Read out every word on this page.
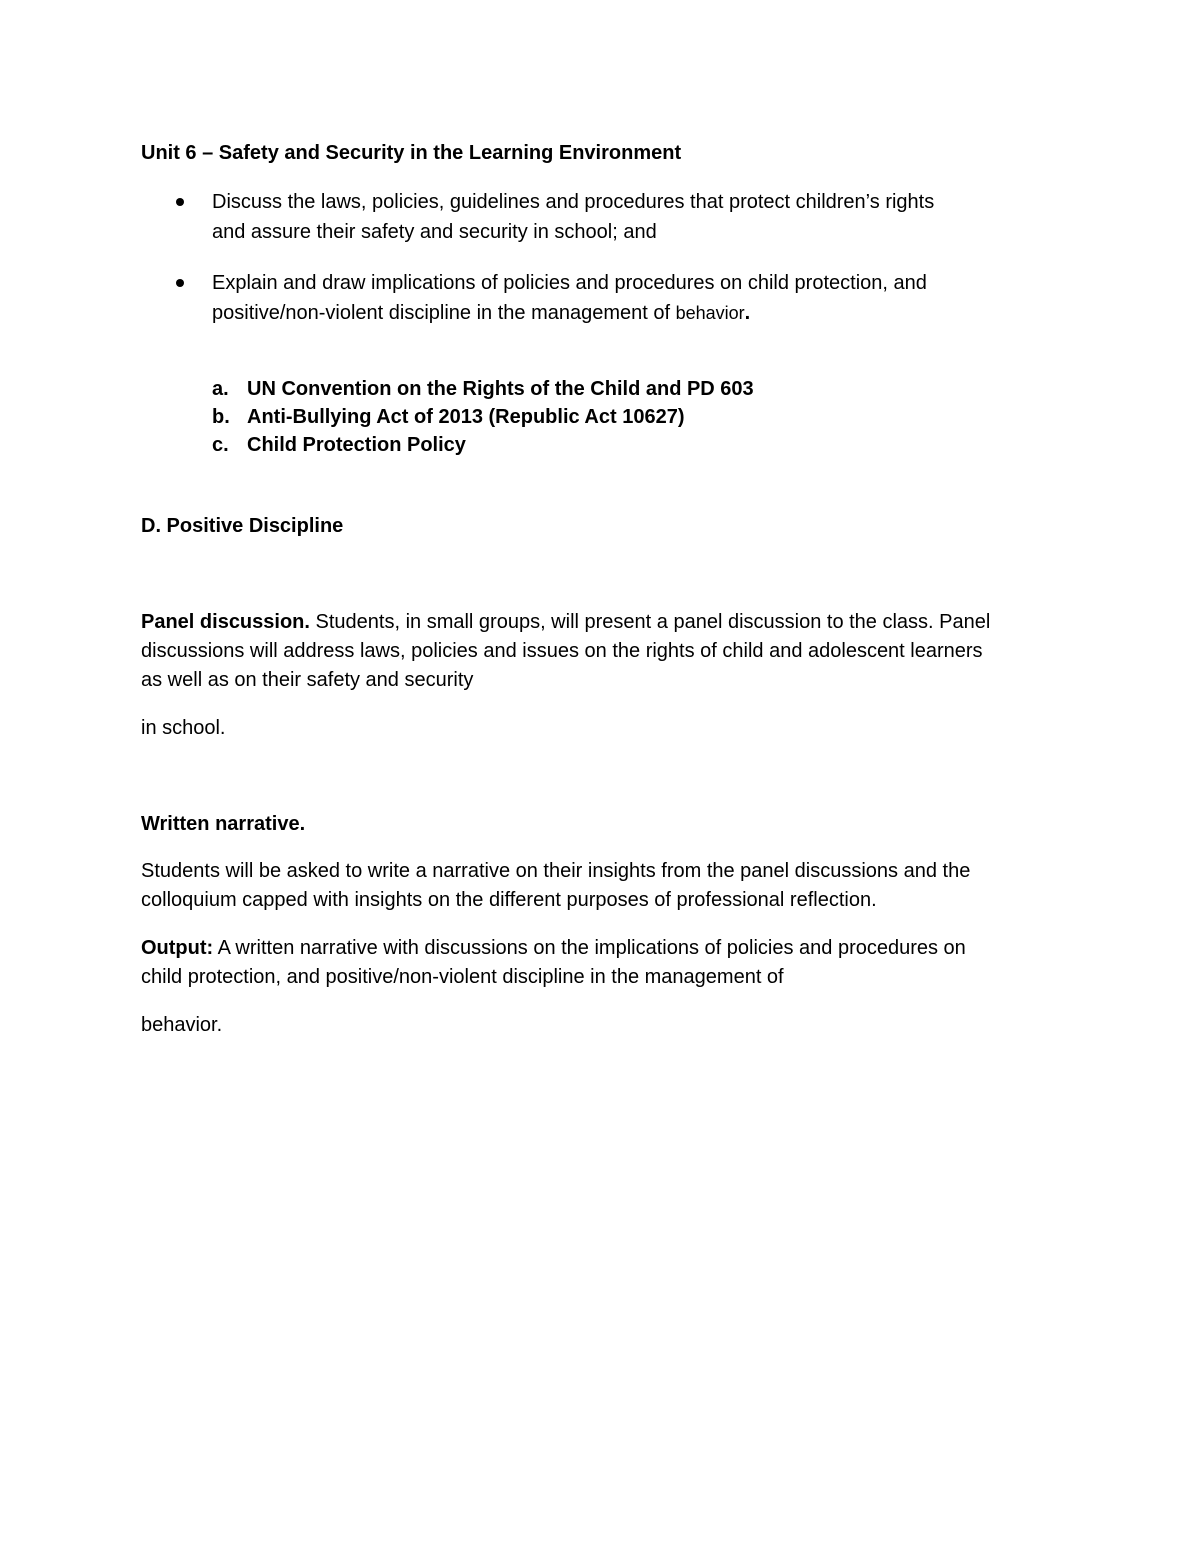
Unit 6 – Safety and Security in the Learning Environment
Discuss the laws, policies, guidelines and procedures that protect children’s rights
and assure their safety and security in school; and
Explain and draw implications of policies and procedures on child protection, and
positive/non-violent discipline in the management of behavior.
a. UN Convention on the Rights of the Child and PD 603
b. Anti-Bullying Act of 2013 (Republic Act 10627)
c. Child Protection Policy
D. Positive Discipline
Panel discussion. Students, in small groups, will present a panel discussion to the class. Panel
discussions will address laws, policies and issues on the rights of child and adolescent learners
as well as on their safety and security
in school.
Written narrative.
Students will be asked to write a narrative on their insights from the panel discussions and the
colloquium capped with insights on the different purposes of professional reflection.
Output: A written narrative with discussions on the implications of policies and procedures on
child protection, and positive/non-violent discipline in the management of
behavior.
